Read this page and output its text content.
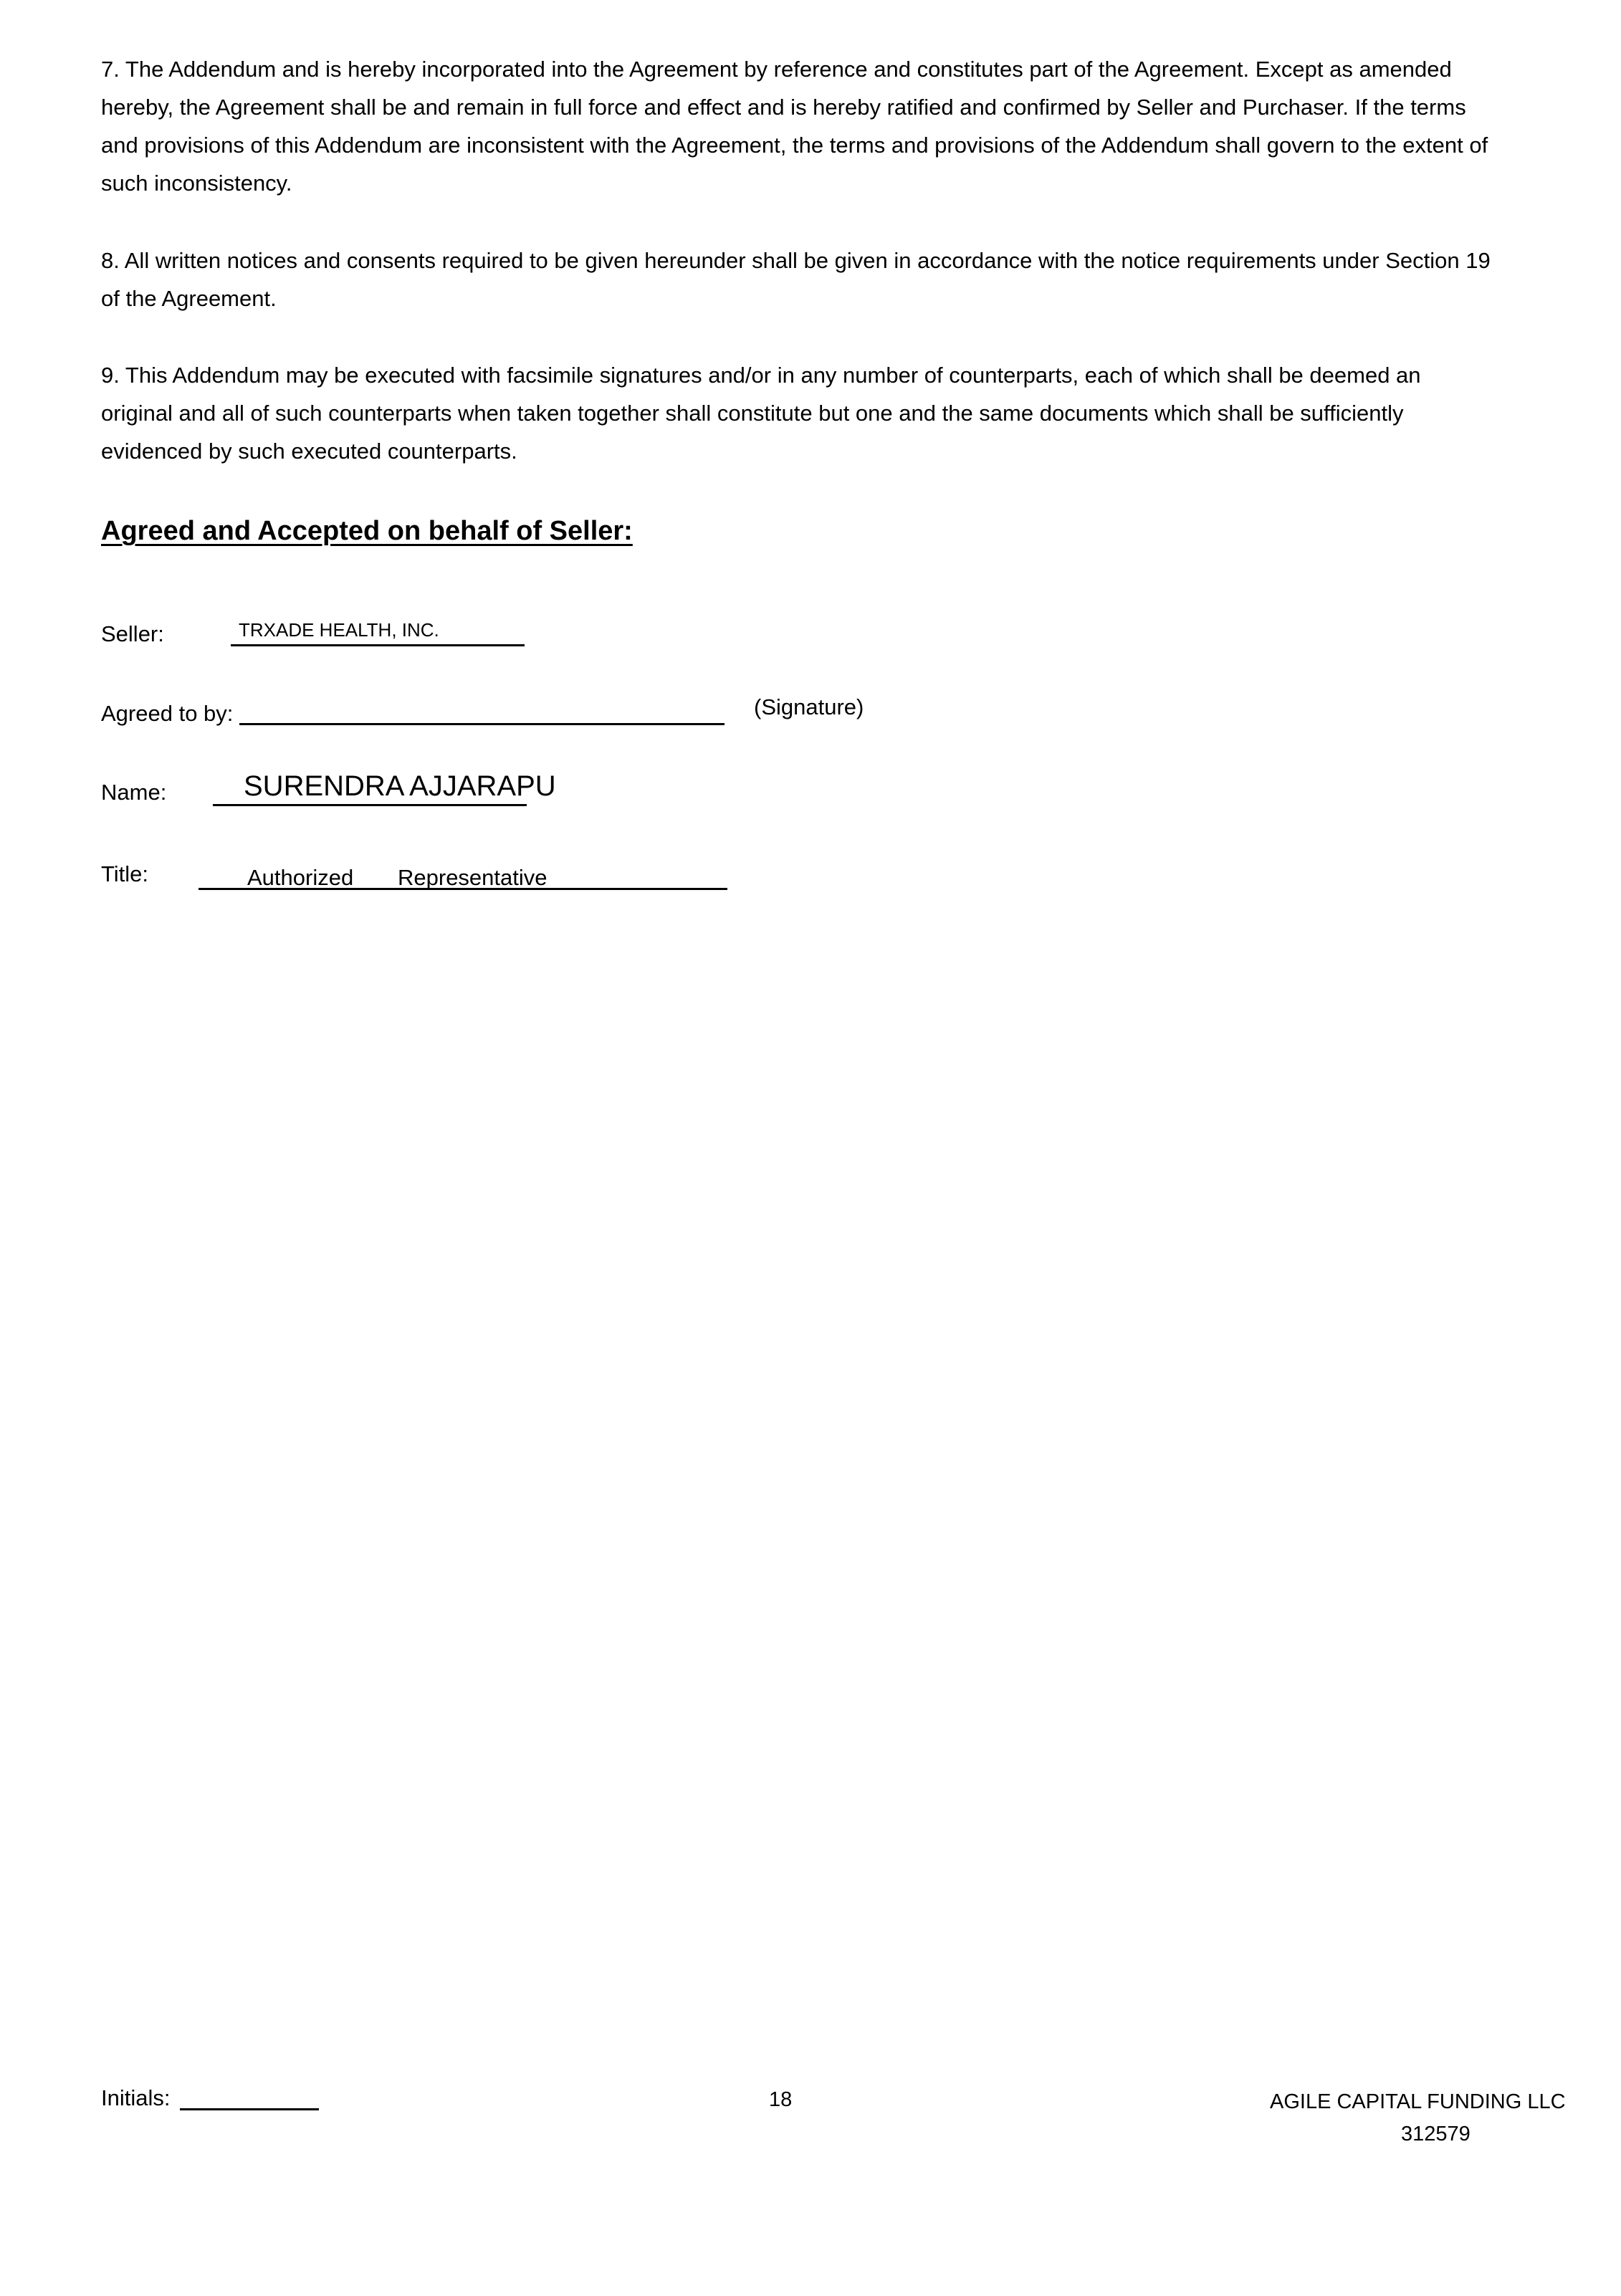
7. The Addendum and is hereby incorporated into the Agreement by reference and constitutes part of the Agreement. Except as amended hereby, the Agreement shall be and remain in full force and effect and is hereby ratified and confirmed by Seller and Purchaser. If the terms and provisions of this Addendum are inconsistent with the Agreement, the terms and provisions of the Addendum shall govern to the extent of such inconsistency.

8. All written notices and consents required to be given hereunder shall be given in accordance with the notice requirements under Section 19 of the Agreement.

9. This Addendum may be executed with facsimile signatures and/or in any number of counterparts, each of which shall be deemed an original and all of such counterparts when taken together shall constitute but one and the same documents which shall be sufficiently evidenced by such executed counterparts.

Agreed and Accepted on behalf of Seller:
Seller:	TRXADE HEALTH, INC.
Agreed to by:	(Signature)
Name:	SURENDRA AJJARAPU
Title:	Authorized Representative
Initials:	18	AGILE CAPITAL FUNDING LLC
312579
